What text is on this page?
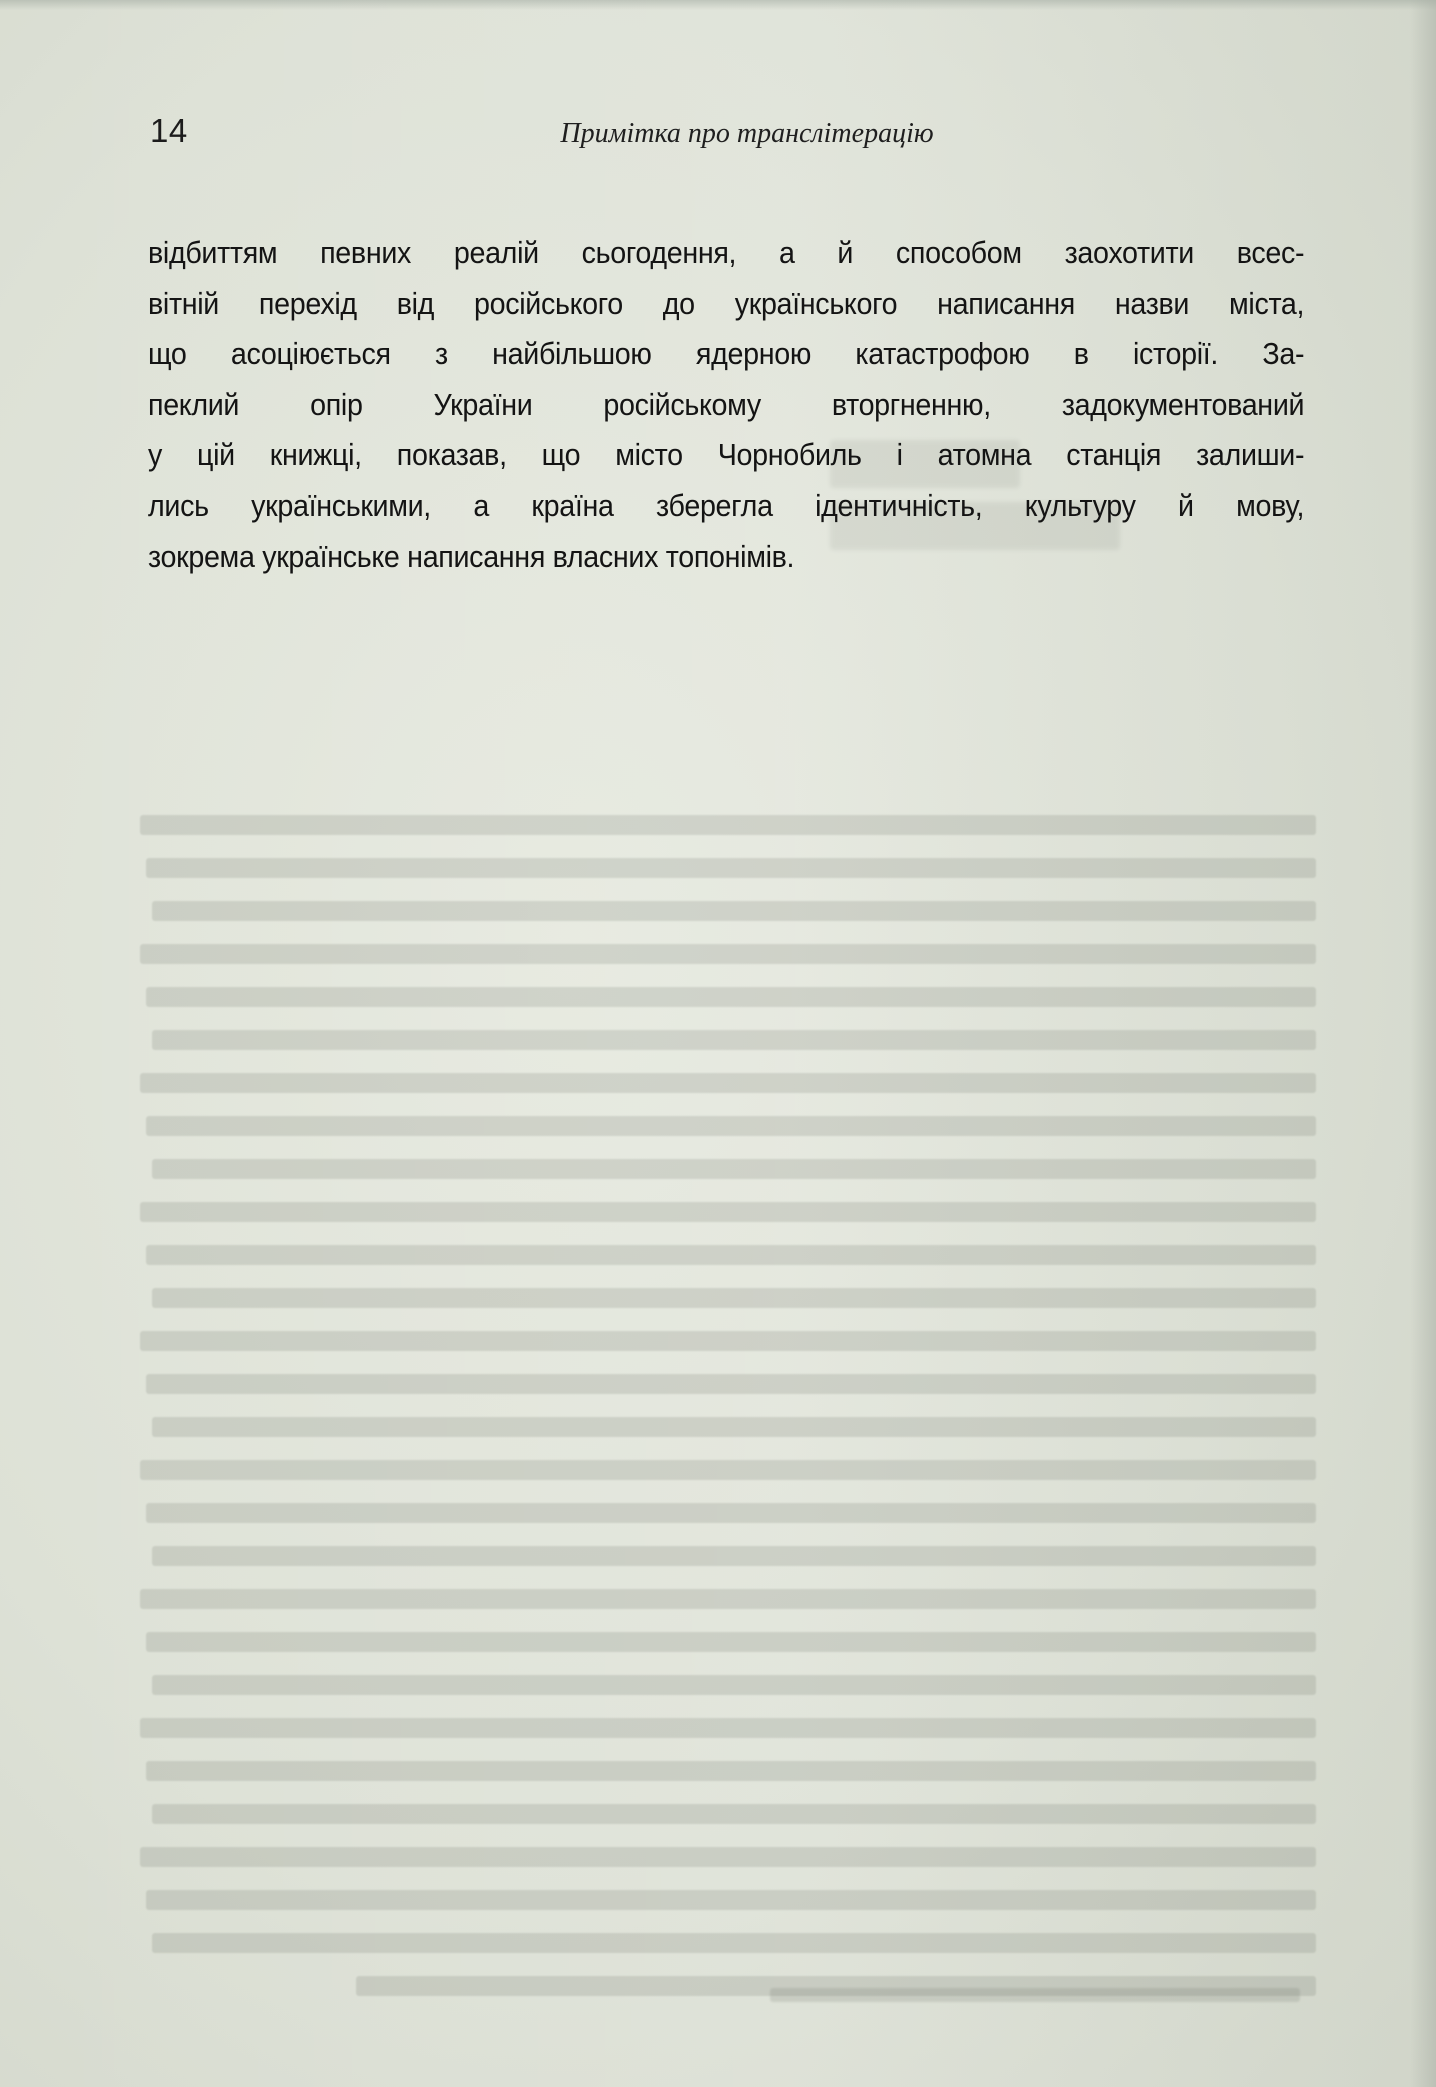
14	Примітка про транслітерацію
відбиттям певних реалій сьогодення, а й способом заохотити всес-
вітній перехід від російського до українського написання назви міста,
що асоціюється з найбільшою ядерною катастрофою в історії. За-
пеклий опір України російському вторгненню, задокументований
у цій книжці, показав, що місто Чорнобиль і атомна станція залиши-
лись українськими, а країна зберегла ідентичність, культуру й мову,
зокрема українське написання власних топонімів.
